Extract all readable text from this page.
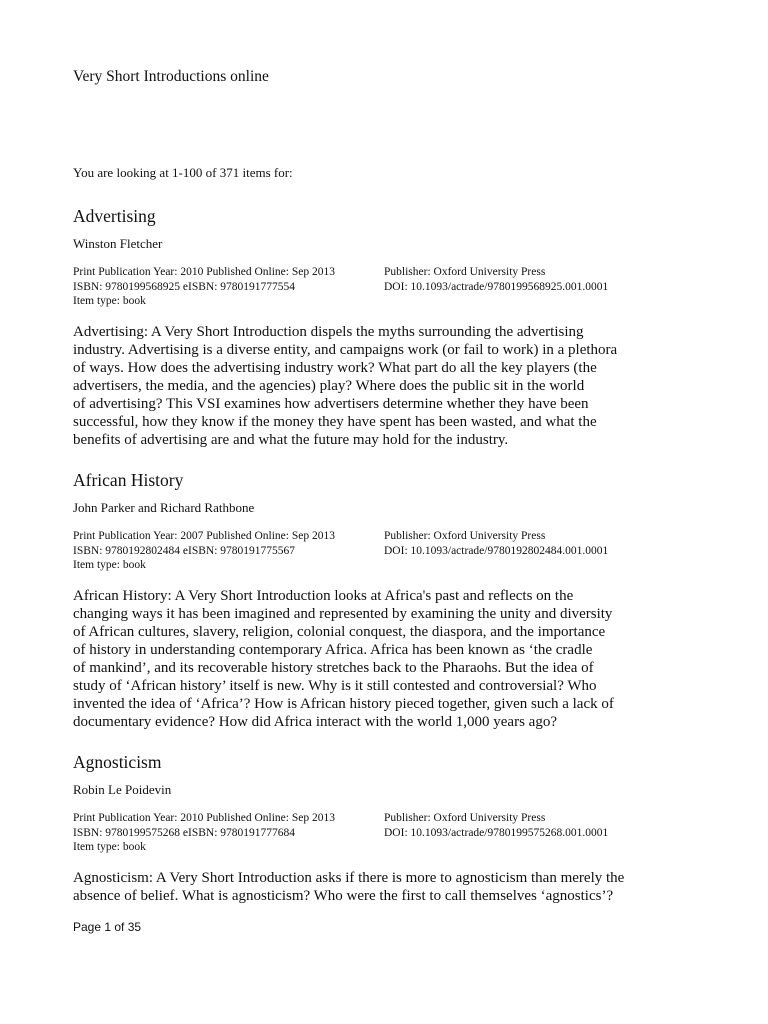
Very Short Introductions online
You are looking at 1-100 of 371 items for:
Advertising
Winston Fletcher
Print Publication Year: 2010 Published Online: Sep 2013
ISBN: 9780199568925 eISBN: 9780191777554
Item type: book
Publisher: Oxford University Press
DOI: 10.1093/actrade/9780199568925.001.0001
Advertising: A Very Short Introduction dispels the myths surrounding the advertising
industry. Advertising is a diverse entity, and campaigns work (or fail to work) in a plethora
of ways. How does the advertising industry work? What part do all the key players (the
advertisers, the media, and the agencies) play? Where does the public sit in the world
of advertising? This VSI examines how advertisers determine whether they have been
successful, how they know if the money they have spent has been wasted, and what the
benefits of advertising are and what the future may hold for the industry.
African History
John Parker and Richard Rathbone
Print Publication Year: 2007 Published Online: Sep 2013
ISBN: 9780192802484 eISBN: 9780191775567
Item type: book
Publisher: Oxford University Press
DOI: 10.1093/actrade/9780192802484.001.0001
African History: A Very Short Introduction looks at Africa's past and reflects on the
changing ways it has been imagined and represented by examining the unity and diversity
of African cultures, slavery, religion, colonial conquest, the diaspora, and the importance
of history in understanding contemporary Africa. Africa has been known as ‘the cradle
of mankind’, and its recoverable history stretches back to the Pharaohs. But the idea of
study of ‘African history’ itself is new. Why is it still contested and controversial? Who
invented the idea of ‘Africa’? How is African history pieced together, given such a lack of
documentary evidence? How did Africa interact with the world 1,000 years ago?
Agnosticism
Robin Le Poidevin
Print Publication Year: 2010 Published Online: Sep 2013
ISBN: 9780199575268 eISBN: 9780191777684
Item type: book
Publisher: Oxford University Press
DOI: 10.1093/actrade/9780199575268.001.0001
Agnosticism: A Very Short Introduction asks if there is more to agnosticism than merely the
absence of belief. What is agnosticism? Who were the first to call themselves ‘agnostics’?
Page 1 of 35
